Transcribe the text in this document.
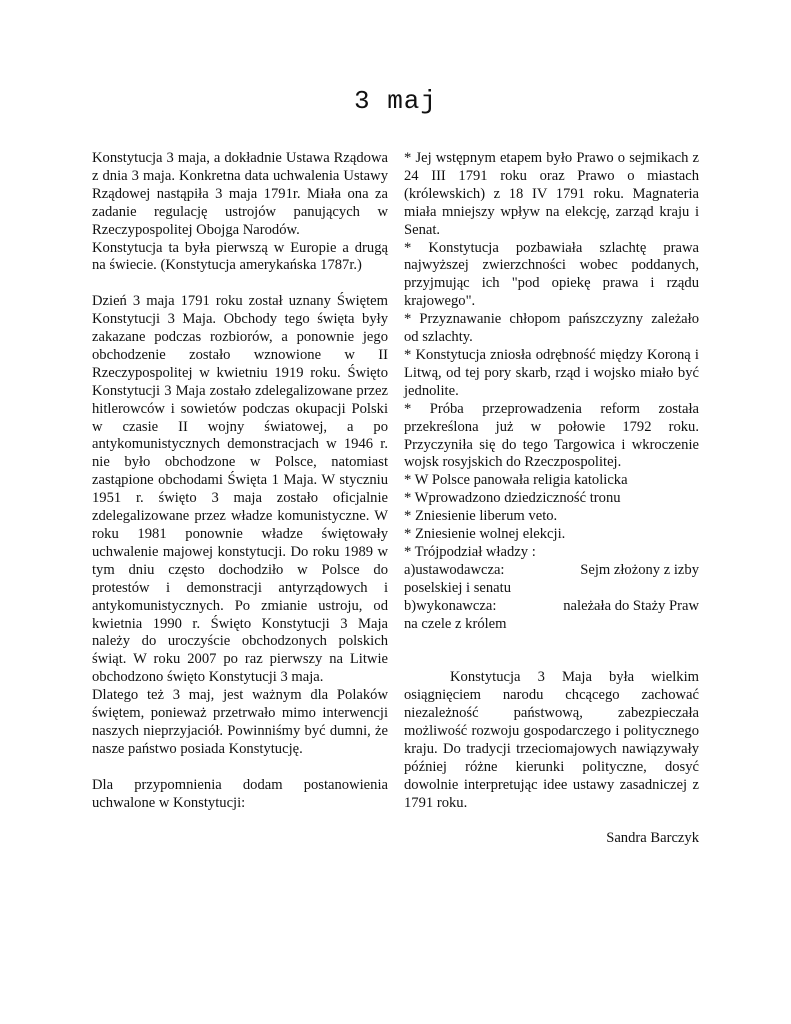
3 maj

Konstytucja 3 maja, a dokładnie Ustawa Rządowa z dnia 3 maja. Konkretna data uchwalenia Ustawy Rządowej nastąpiła 3 maja 1791r. Miała ona za zadanie regulację ustrojów panujących w Rzeczypospolitej Obojga Narodów.

Konstytucja ta była pierwszą w Europie a drugą na świecie. (Konstytucja amerykańska 1787r.)

Dzień 3 maja 1791 roku został uznany Świętem Konstytucji 3 Maja. Obchody tego święta były zakazane podczas rozbiorów, a ponownie jego obchodzenie zostało wznowione w II Rzeczypospolitej w kwietniu 1919 roku. Święto Konstytucji 3 Maja zostało zdelegalizowane przez hitlerowców i sowietów podczas okupacji Polski w czasie II wojny światowej, a po antykomunistycznych demonstracjach w 1946 r. nie było obchodzone w Polsce, natomiast zastąpione obchodami Święta 1 Maja. W styczniu 1951 r. święto 3 maja zostało oficjalnie zdelegalizowane przez władze komunistyczne. W roku 1981 ponownie władze świętowały uchwalenie majowej konstytucji. Do roku 1989 w tym dniu często dochodziło w Polsce do protestów i demonstracji antyrządowych i antykomunistycznych. Po zmianie ustroju, od kwietnia 1990 r. Święto Konstytucji 3 Maja należy do uroczyście obchodzonych polskich świąt. W roku 2007 po raz pierwszy na Litwie obchodzono święto Konstytucji 3 maja.

Dlatego też 3 maj, jest ważnym dla Polaków świętem, ponieważ przetrwało mimo interwencji naszych nieprzyjaciół. Powinniśmy być dumni, że nasze państwo posiada Konstytucję.

Dla przypomnienia dodam postanowienia uchwalone w Konstytucji:

* Jej wstępnym etapem było Prawo o sejmikach z 24 III 1791 roku oraz Prawo o miastach (królewskich) z 18 IV 1791 roku. Magnateria miała mniejszy wpływ na elekcję, zarząd kraju i Senat.

* Konstytucja pozbawiała szlachtę prawa najwyższej zwierzchności wobec poddanych, przyjmując ich "pod opiekę prawa i rządu krajowego".

* Przyznawanie chłopom pańszczyzny zależało od szlachty.

* Konstytucja zniosła odrębność między Koroną i Litwą, od tej pory skarb, rząd i wojsko miało być jednolite.

* Próba przeprowadzenia reform została przekreślona już w połowie 1792 roku. Przyczyniła się do tego Targowica i wkroczenie wojsk rosyjskich do Rzeczpospolitej.

* W Polsce panowała religia katolicka

* Wprowadzono dziedziczność tronu

* Zniesienie liberum veto.

* Zniesienie wolnej elekcji.

* Trójpodział władzy :

a)ustawodawcza:	Sejm złożony z izby

poselskiej i senatu

b)wykonawcza:	należała do Staży Praw

na czele z królem

Konstytucja 3 Maja była wielkim osiągnięciem narodu chcącego zachować niezależność państwową, zabezpieczała możliwość rozwoju gospodarczego i politycznego kraju. Do tradycji trzeciomajowych nawiązywały później różne kierunki polityczne, dosyć dowolnie interpretując idee ustawy zasadniczej z 1791 roku.

Sandra Barczyk
